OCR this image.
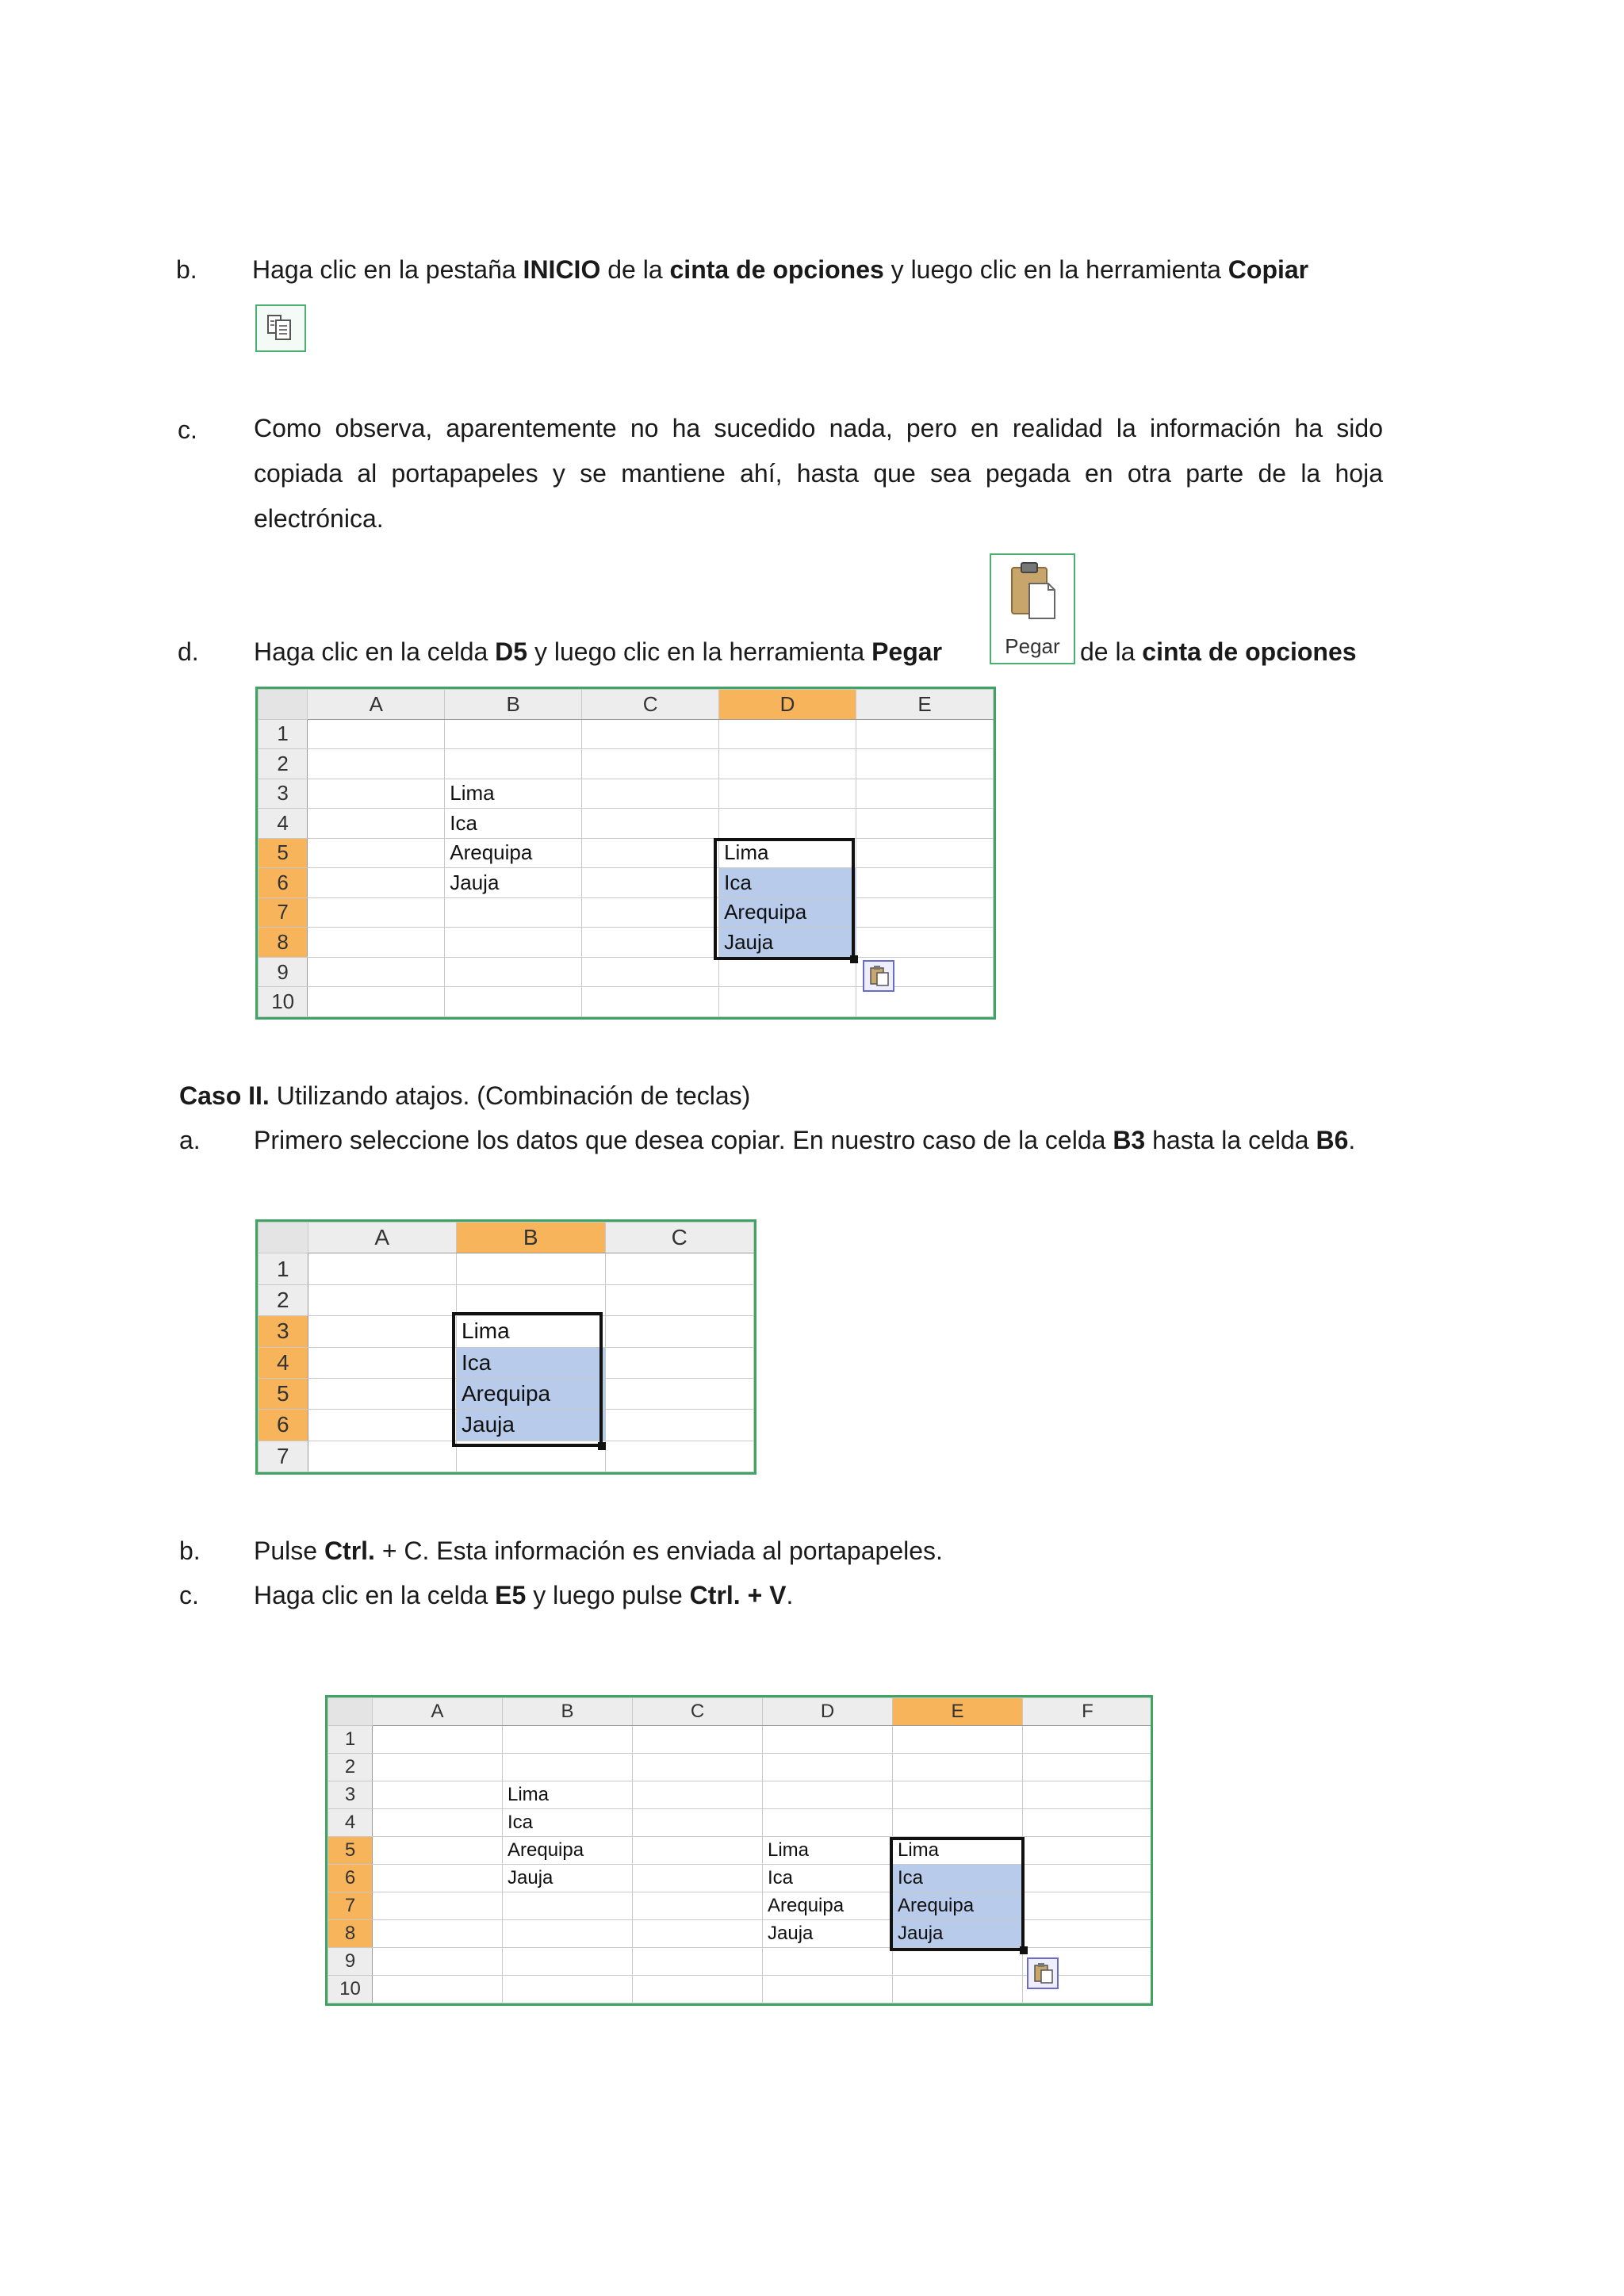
b. Haga clic en la pestaña INICIO de la cinta de opciones y luego clic en la herramienta Copiar
c. Como observa, aparentemente no ha sucedido nada, pero en realidad la información ha sido copiada al portapapeles y se mantiene ahí, hasta que sea pegada en otra parte de la hoja electrónica.
d. Haga clic en la celda D5 y luego clic en la herramienta Pegar	Pegar de la cinta de opciones
	A	B	C	D	E
1					
2					
3		Lima			
4		Ica			
5		Arequipa		Lima	
6		Jauja		Ica	
7				Arequipa	
8				Jauja	
9					
10					
Caso II. Utilizando atajos. (Combinación de teclas)
a. Primero seleccione los datos que desea copiar. En nuestro caso de la celda B3 hasta la celda B6.
	A	B	C
1			
2			
3		Lima	
4		Ica	
5		Arequipa	
6		Jauja	
7			
b. Pulse Ctrl. + C. Esta información es enviada al portapapeles.
c. Haga clic en la celda E5 y luego pulse Ctrl. + V.
	A	B	C	D	E	F
1						
2						
3		Lima				
4		Ica				
5		Arequipa		Lima	Lima	
6		Jauja		Ica	Ica	
7				Arequipa	Arequipa	
8				Jauja	Jauja	
9						
10						
